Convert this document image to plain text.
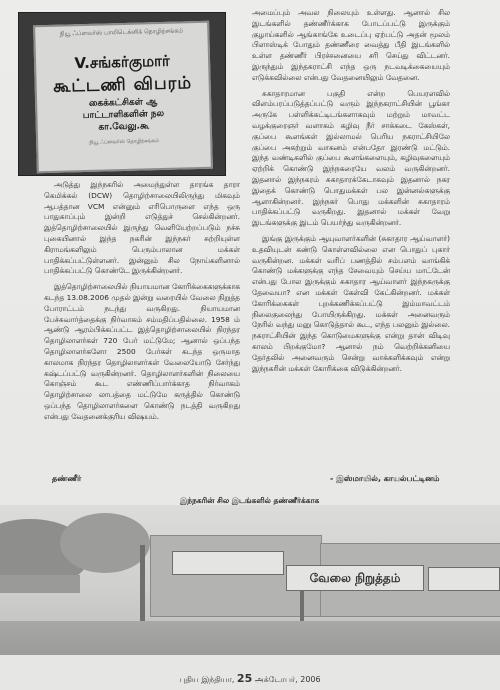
நியூ ஃப்ளவர்ஸ் பாலிடெக்னிக் தொழிற்சங்கம்
V.சங்கர்குமார்
கூட்டணி விபரம்
கைக்கட்சிகள் ஆ
பாட்டாளிகளின் நல
கா.வேலு.கூ
நியூ ஃப்ளவர்ஸ் தொழிற்சங்கம்

அடுத்து இந்நகரில் அமைந்துள்ள தாரங்க தாரா கெமிக்கல் (DCW) தொழிற்சாலையிலிருந்து மிகவும் ஆபத்தான VCM என்னும் எரிபொருளை எந்த ஒரு பாதுகாப்பும் இன்றி எடுத்துச் செல்கின்றனர். இத்தொழிற்சாலையில் இருந்து வெளியேற்றப்படும் நச்சு புகையினால் இந்த நகரின் இந்நகர் சுற்றியுள்ள கிராமங்களிலும் பெரும்பாலான மக்கள் பாதிக்கப்பட்டுள்ளனர். இன்னும் சில நோய்களினால் பாதிக்கப்பட்டு கொண்டே இருக்கின்றனர்.

இத்தொழிற்சாலையில் நியாயமான கோரிக்கைகளுக்காக கடந்த 13.08.2006 முதல் இன்று வரையில் வேலை நிறுத்த போராட்டம் நடந்து வருகிறது. நியாயமான பேச்சுவார்த்தைக்கு நிர்வாகம் சம்மதிப்பதில்லை. 1958 ம் ஆண்டு ஆரம்பிக்கப்பட்ட இத்தொழிற்சாலையில் நிரந்தர தொழிலாளர்கள் 720 பேர் மட்டுமே; ஆனால் ஒப்பந்த தொழிலாளர்களோ 2500 பேர்கள் கடந்த ஒருமாத காலமாக நிரந்தர தொழிலாளர்கள் வேலையோடு சேர்ந்து கஷ்டப்பட்டு வருகின்றனர். தொழிலாளர்களின் நிலையை கொஞ்சம் கூட எண்ணிப்பார்க்காத நிர்வாகம் தொழிற்சாலை லாபத்தை மட்டுமே கருத்தில் கொண்டு ஒப்பந்த தொழிலாளர்களை கொண்டு நடத்தி வருகிறது என்பது வேதனைக்குரிய விஷயம்.

அமைப்பும் அவல நிலையும் உள்ளது. ஆனால் சில இடங்களில் தண்ணீர்க்காக போடப்பட்டு இருக்கும் குழாய்களில் ஆங்காங்கே உடைப்பு ஏற்பட்டு அதன் மூலம் பிளாஸ்டிக் போதும் தண்ணீரை வைத்து பீதி இடங்களில் உள்ள தண்ணீர் பிரச்சனையை சரி செய்து விட்டனர். இருந்தும் இந்தகராட்சி எந்த ஒரு நடவடிக்கையையும் எடுக்கவில்லை என்பது வேதனையிலும் வேதனை.

சுகாதாரமான பகுதி என்ற பெயரளவில் விளம்பரப்படுத்தப்பட்டு வரும் இந்நகராட்சியின் பூங்கா அருகே பள்ளிக்கட்டிடங்களாகவும் மற்றும் மாவட்ட வழக்குரைஞர் வளாகம் கழிவு நீர் சாக்கடை கேஸ்கள், குப்பை கூளங்கள் இல்லாமல் பெரிய நகராட்சியிலே குப்பை அகற்றும் வாகனம் என்பதோ இரண்டு மட்டும். இந்த வண்டிகளில் குப்பை கூளங்களையும், கழிவுகளையும் ஏற்றிக் கொண்டு இந்நகரையே வலம் வருகின்றனர். இதனால் இந்நகரம் சுகாதாரக்கேடாகவும் இதனால் நகர இதைக் கொண்டு பொதுமக்கள் பல இன்னல்களுக்கு ஆளாகின்றனர். இந்நகர் பொது மக்களின் சுகாதாரம் பாதிக்கப்பட்டு வருகிறது. இதனால் மக்கள் வேறு இடங்களுக்கு இடம் பெயர்ந்து வருகின்றனர்.

இங்கு இருக்கும் ஆயுவாளர்களின் (சுகாதார ஆய்வாளர்) உதவியுடன் கண்டு கொள்ளவில்லை என பொதுப் புகார் வருகின்றன. மக்கள் வரிப் பணத்தில் சம்பளம் வாங்கிக் கொண்டு மக்களுக்கு எந்த சேவையும் செய்ய மாட்டேன் என்பது போல இருக்கும் சுகாதார ஆய்வாளர் இந்நகருக்கு தேவையா? என மக்கள் கேள்வி கேட்கின்றனர். மக்கள் கோரிக்கைகள் புறக்கணிக்கப்பட்டு இம்மாவட்டம் நிலைகுலைந்து போயிருக்கிறது. மக்கள் அனைவரும் நேரில் வந்து மனு கொடுத்தால் கூட, எந்த பலனும் இல்லை. நகராட்சியின் இந்த கொடுமைகளுக்கு என்று தான் விடிவு காலம் பிறக்குமோ? ஆனால் நம் வெற்றிக்கனியை தேர்தலில் அனைவரும் சென்று வாக்களிக்கவும் என்று இந்நகரின் மக்கள் கோரிக்கை விடுக்கின்றனர்.

தண்ணீர்	- இஸ்மாயில், காயல்பட்டினம்
இந்நகரின் சில இடங்களில் தண்ணீர்க்காக
வேலை நிறுத்தம்
புதிய இந்தியா, 25 அக்டோபர், 2006
